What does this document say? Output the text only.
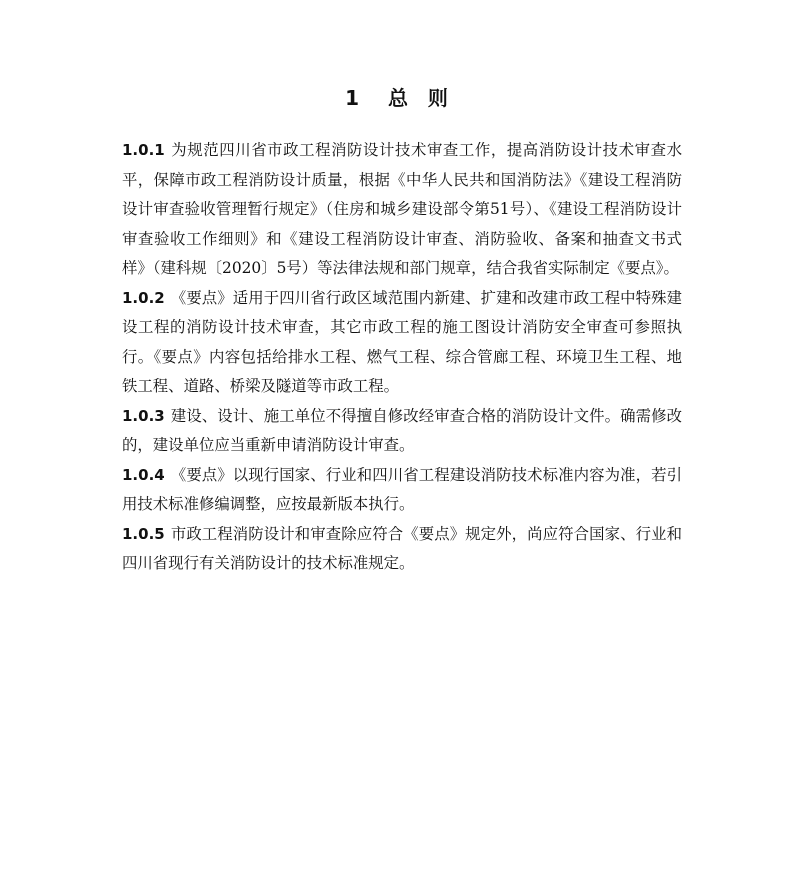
1 总  则

1.0.1 为规范四川省市政工程消防设计技术审查工作，提高消防设计技术审查水平，保障市政工程消防设计质量，根据《中华人民共和国消防法》《建设工程消防设计审查验收管理暂行规定》（住房和城乡建设部令第51号）、《建设工程消防设计审查验收工作细则》和《建设工程消防设计审查、消防验收、备案和抽查文书式样》（建科规〔2020〕5号）等法律法规和部门规章，结合我省实际制定《要点》。

1.0.2 《要点》适用于四川省行政区域范围内新建、扩建和改建市政工程中特殊建设工程的消防设计技术审查，其它市政工程的施工图设计消防安全审查可参照执行。《要点》内容包括给排水工程、燃气工程、综合管廊工程、环境卫生工程、地铁工程、道路、桥梁及隧道等市政工程。

1.0.3 建设、设计、施工单位不得擅自修改经审查合格的消防设计文件。确需修改的，建设单位应当重新申请消防设计审查。

1.0.4 《要点》以现行国家、行业和四川省工程建设消防技术标准内容为准，若引用技术标准修编调整，应按最新版本执行。

1.0.5 市政工程消防设计和审查除应符合《要点》规定外，尚应符合国家、行业和四川省现行有关消防设计的技术标准规定。
